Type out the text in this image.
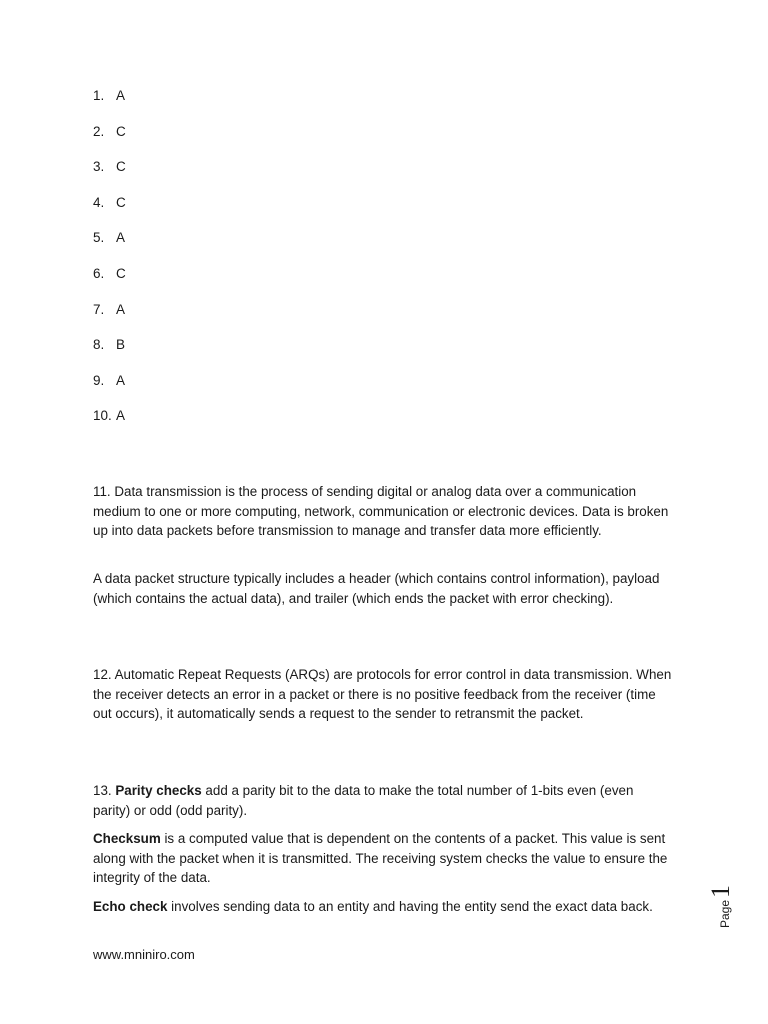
1. A
2. C
3. C
4. C
5. A
6. C
7. A
8. B
9. A
10. A

11. Data transmission is the process of sending digital or analog data over a communication medium to one or more computing, network, communication or electronic devices. Data is broken up into data packets before transmission to manage and transfer data more efficiently.

A data packet structure typically includes a header (which contains control information), payload (which contains the actual data), and trailer (which ends the packet with error checking).

12. Automatic Repeat Requests (ARQs) are protocols for error control in data transmission. When the receiver detects an error in a packet or there is no positive feedback from the receiver (time out occurs), it automatically sends a request to the sender to retransmit the packet.

13. Parity checks add a parity bit to the data to make the total number of 1-bits even (even parity) or odd (odd parity).

Checksum is a computed value that is dependent on the contents of a packet. This value is sent along with the packet when it is transmitted. The receiving system checks the value to ensure the integrity of the data.

Echo check involves sending data to an entity and having the entity send the exact data back.

www.mniniro.com
Page
1
